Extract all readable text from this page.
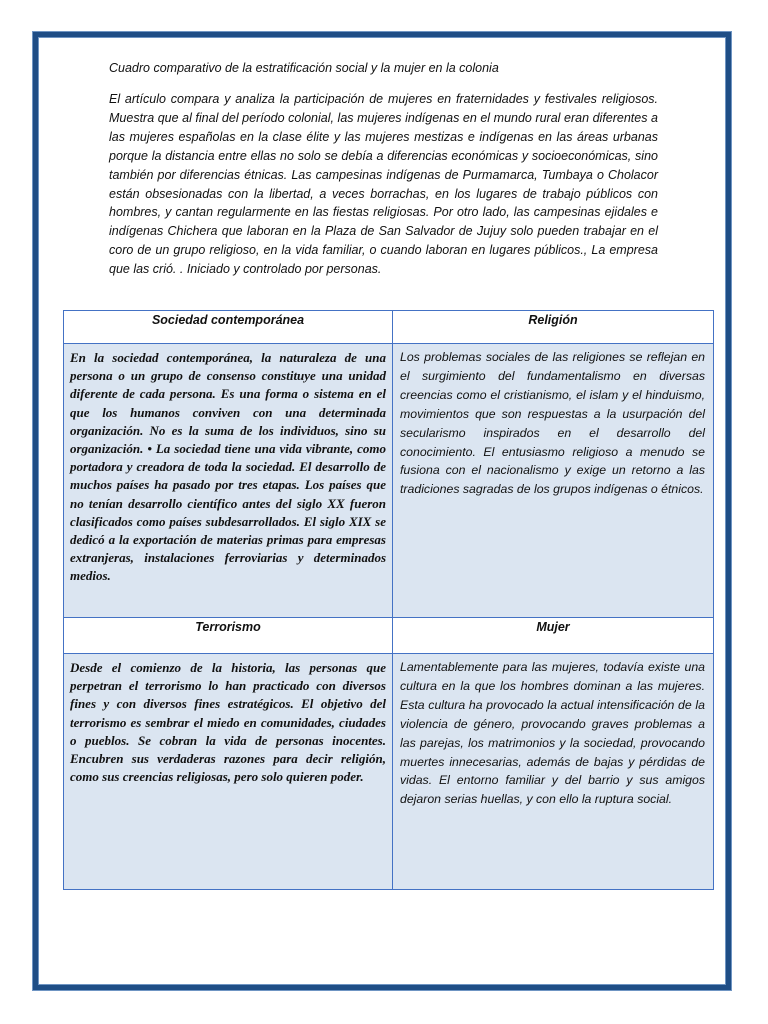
Cuadro comparativo de la estratificación social y la mujer en la colonia
El artículo compara y analiza la participación de mujeres en fraternidades y festivales religiosos. Muestra que al final del período colonial, las mujeres indígenas en el mundo rural eran diferentes a las mujeres españolas en la clase élite y las mujeres mestizas e indígenas en las áreas urbanas porque la distancia entre ellas no solo se debía a diferencias económicas y socioeconómicas, sino también por diferencias étnicas. Las campesinas indígenas de Purmamarca, Tumbaya o Cholacor están obsesionadas con la libertad, a veces borrachas, en los lugares de trabajo públicos con hombres, y cantan regularmente en las fiestas religiosas. Por otro lado, las campesinas ejidales e indígenas Chichera que laboran en la Plaza de San Salvador de Jujuy solo pueden trabajar en el coro de un grupo religioso, en la vida familiar, o cuando laboran en lugares públicos., La empresa que las crió. . Iniciado y controlado por personas.
Sociedad contemporánea	Religión
En la sociedad contemporánea, la naturaleza de una persona o un grupo de consenso constituye una unidad diferente de cada persona. Es una forma o sistema en el que los humanos conviven con una determinada organización. No es la suma de los individuos, sino su organización. • La sociedad tiene una vida vibrante, como portadora y creadora de toda la sociedad. El desarrollo de muchos países ha pasado por tres etapas. Los países que no tenían desarrollo científico antes del siglo XX fueron clasificados como países subdesarrollados. El siglo XIX se dedicó a la exportación de materias primas para empresas extranjeras, instalaciones ferroviarias y determinados medios.
Los problemas sociales de las religiones se reflejan en el surgimiento del fundamentalismo en diversas creencias como el cristianismo, el islam y el hinduismo, movimientos que son respuestas a la usurpación del secularismo inspirados en el desarrollo del conocimiento. El entusiasmo religioso a menudo se fusiona con el nacionalismo y exige un retorno a las tradiciones sagradas de los grupos indígenas o étnicos.
Terrorismo	Mujer
Desde el comienzo de la historia, las personas que perpetran el terrorismo lo han practicado con diversos fines y con diversos fines estratégicos. El objetivo del terrorismo es sembrar el miedo en comunidades, ciudades o pueblos. Se cobran la vida de personas inocentes. Encubren sus verdaderas razones para decir religión, como sus creencias religiosas, pero solo quieren poder.
Lamentablemente para las mujeres, todavía existe una cultura en la que los hombres dominan a las mujeres. Esta cultura ha provocado la actual intensificación de la violencia de género, provocando graves problemas a las parejas, los matrimonios y la sociedad, provocando muertes innecesarias, además de bajas y pérdidas de vidas. El entorno familiar y del barrio y sus amigos dejaron serias huellas, y con ello la ruptura social.
